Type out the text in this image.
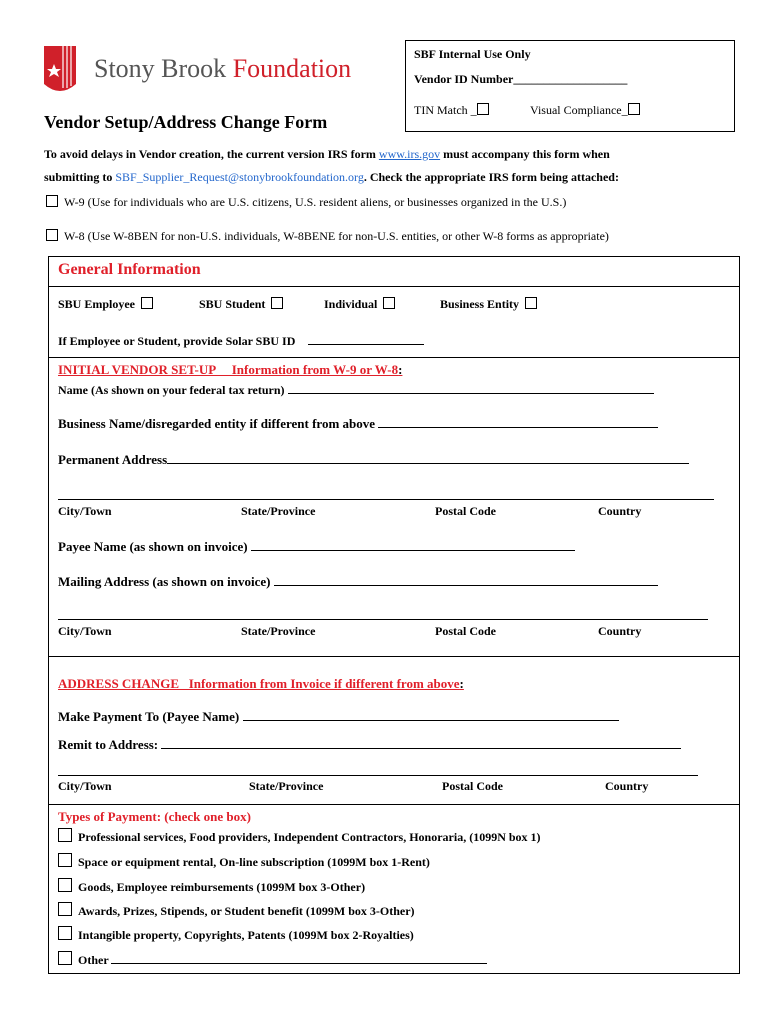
Stony Brook Foundation	SBF Internal Use Only
Vendor ID Number___________________
TIN Match _	Visual Compliance_
Vendor Setup/Address Change Form
To avoid delays in Vendor creation, the current version IRS form www.irs.gov must accompany this form when
submitting to SBF_Supplier_Request@stonybrookfoundation.org. Check the appropriate IRS form being attached:
W-9 (Use for individuals who are U.S. citizens, U.S. resident aliens, or businesses organized in the U.S.)
W-8 (Use W-8BEN for non-U.S. individuals, W-8BENE for non-U.S. entities, or other W-8 forms as appropriate)
General Information
SBU Employee	SBU Student	Individual	Business Entity
If Employee or Student, provide Solar SBU ID
INITIAL VENDOR SET-UP     Information from W-9 or W-8:
Name (As shown on your federal tax return)
Business Name/disregarded entity if different from above
Permanent Address
City/Town	State/Province	Postal Code	Country
Payee Name (as shown on invoice)
Mailing Address (as shown on invoice)
City/Town	State/Province	Postal Code	Country
ADDRESS CHANGE   Information from Invoice if different from above:
Make Payment To (Payee Name)
Remit to Address:
City/Town	State/Province	Postal Code	Country
Types of Payment: (check one box)
Professional services, Food providers, Independent Contractors, Honoraria, (1099N box 1)
Space or equipment rental, On-line subscription (1099M box 1-Rent)
Goods, Employee reimbursements (1099M box 3-Other)
Awards, Prizes, Stipends, or Student benefit (1099M box 3-Other)
Intangible property, Copyrights, Patents (1099M box 2-Royalties)
Other
